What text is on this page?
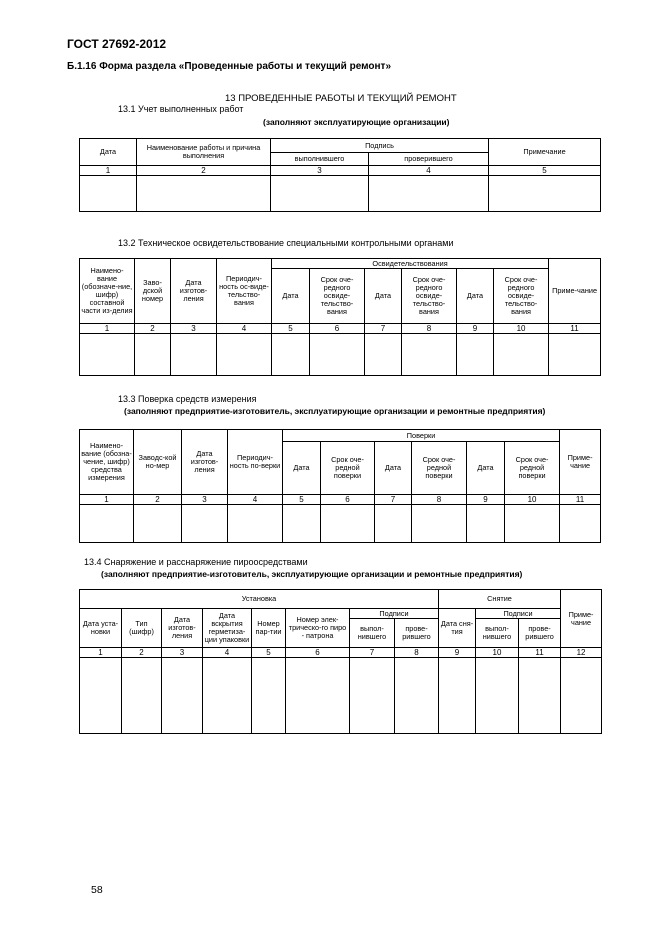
ГОСТ 27692-2012
Б.1.16 Форма раздела «Проведенные работы и текущий ремонт»
13 ПРОВЕДЕННЫЕ РАБОТЫ И ТЕКУЩИЙ РЕМОНТ
13.1 Учет выполненных работ
(заполняют эксплуатирующие организации)
Дата	Наименование работы и причина выполнения	Подпись		Примечание
		выполнившего	проверившего	
1	2	3	4	5

13.2 Техническое освидетельствование специальными контрольными органами
Наимено-вание (обозначе-ние, шифр) составной части из-делия	Заво-дской номер	Дата изготов-ления	Периодич-ность ос-виде-тельство-вания	Освидетельствования						Приме-чание
				Дата	Срок оче-редного освиде-тельство-вания	Дата	Срок оче-редного освиде-тельство-вания	Дата	Срок оче-редного освиде-тельство-вания	
1	2	3	4	5	6	7	8	9	10	11

13.3 Поверка средств измерения
(заполняют предприятие-изготовитель, эксплуатирующие организации и ремонтные предприятия)
Наимено-вание (обозна-чение, шифр) средства измерения	Заводс-кой но-мер	Дата изготов-ления	Периодич-ность по-верки	Поверки						Приме-чание
				Дата	Срок оче-редной поверки	Дата	Срок оче-редной поверки	Дата	Срок оче-редной поверки	
1	2	3	4	5	6	7	8	9	10	11

13.4 Снаряжение и расснаряжение пироосредствами
(заполняют предприятие-изготовитель, эксплуатирующие организации и ремонтные предприятия)
Установка								Снятие			Приме-чание
Дата уста-новки	Тип (шифр)	Дата изготов-ления	Дата вскрытия герметиза-ции упаковки	Номер пар-тии	Номер элек-трическо-го пиро - патрона	Подписи		Дата сня-тия	Подписи		
						выпол-нившего	прове-рившего		выпол-нившего	прове-рившего	
1	2	3	4	5	6	7	8	9	10	11	12

58
